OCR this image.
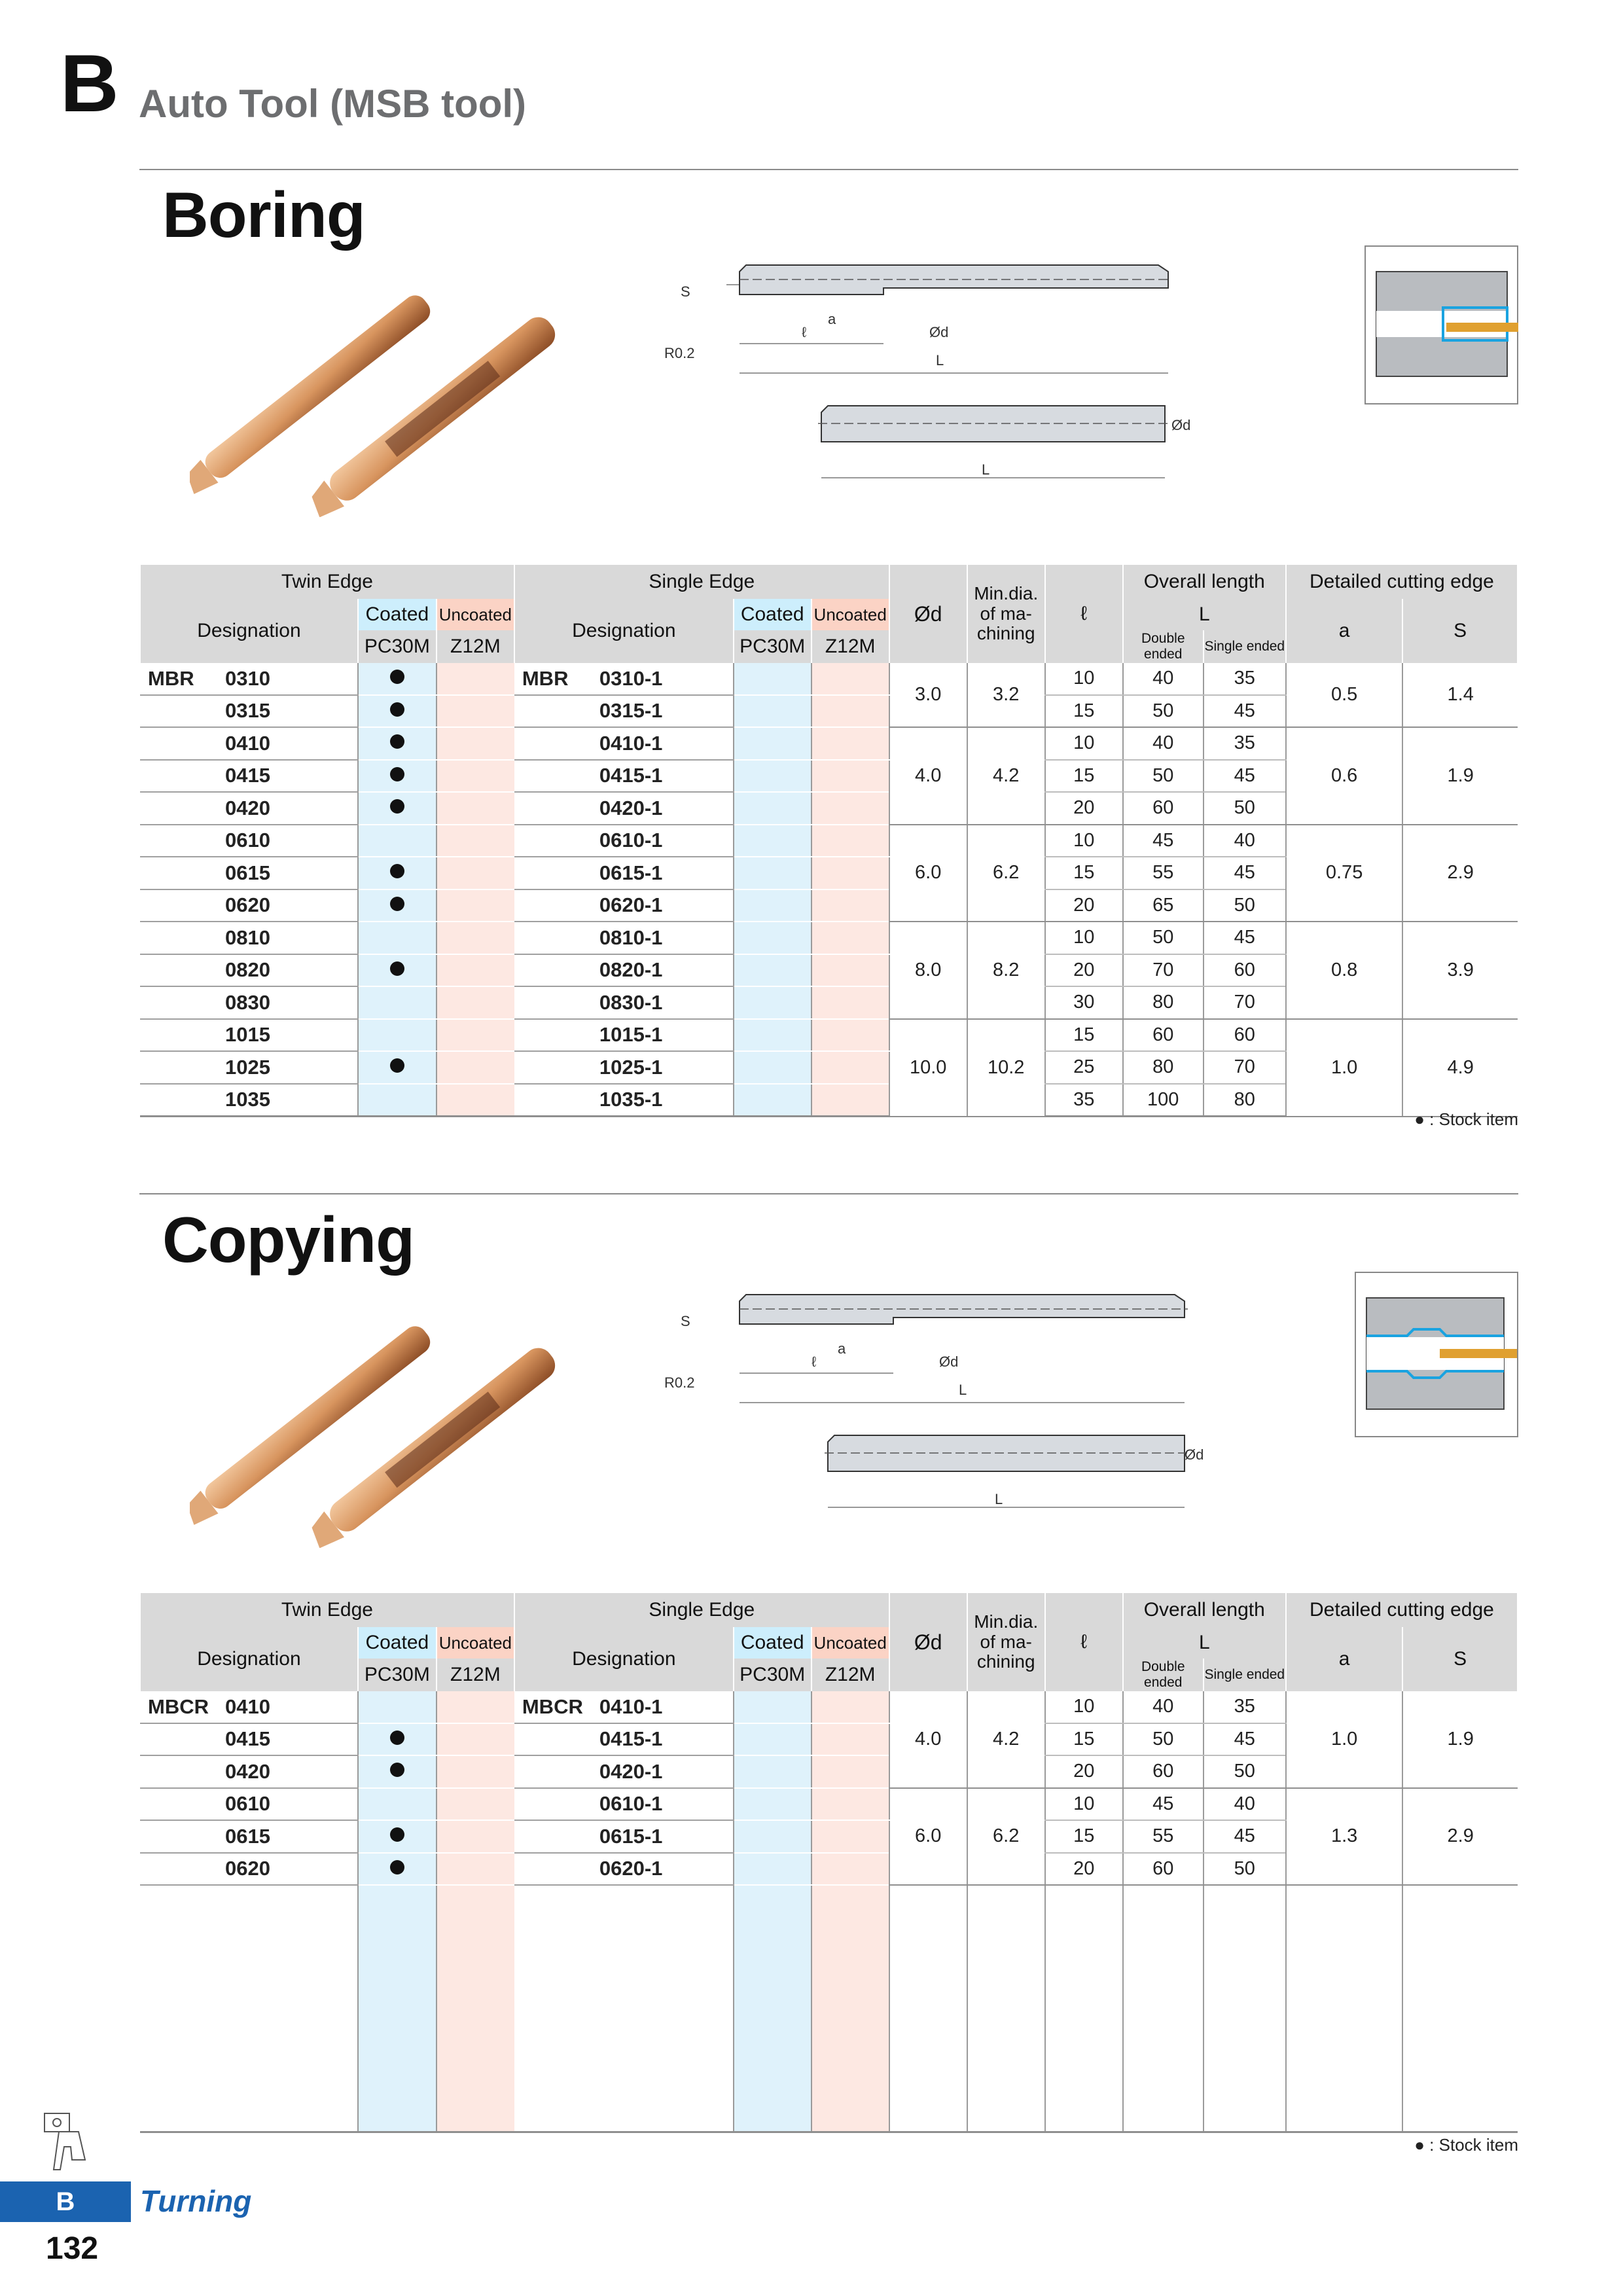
B Auto Tool (MSB tool)
Boring
S
a
ℓ	Ød
L
R0.2
Ød
L
Twin Edge			Single Edge			Ød	Min.dia. of ma- chining	ℓ	Overall length		Detailed cutting edge	
Designation	Coated	Uncoated	Designation	Coated	Uncoated				L		a	S
	PC30M	Z12M		PC30M	Z12M				Double ended	Single ended		
MBR 0310			MBR 0310-1			3.0	3.2	10	40	35	0.5	1.4
0315			0315-1					15	50	45		
0410			0410-1			4.0	4.2	10	40	35	0.6	1.9
0415			0415-1					15	50	45		
0420			0420-1					20	60	50		
0610			0610-1			6.0	6.2	10	45	40	0.75	2.9
0615			0615-1					15	55	45		
0620			0620-1					20	65	50		
0810			0810-1			8.0	8.2	10	50	45	0.8	3.9
0820			0820-1					20	70	60		
0830			0830-1					30	80	70		
1015			1015-1			10.0	10.2	15	60	60	1.0	4.9
1025			1025-1					25	80	70		
1035			1035-1					35	100	80		
● : Stock item
Copying
S
a
ℓ	Ød
L
R0.2
Ød
L
Twin Edge			Single Edge			Ød	Min.dia. of ma- chining	ℓ	Overall length		Detailed cutting edge	
Designation	Coated	Uncoated	Designation	Coated	Uncoated				L		a	S
	PC30M	Z12M		PC30M	Z12M				Double ended	Single ended		
MBCR 0410			MBCR 0410-1			4.0	4.2	10	40	35	1.0	1.9
0415			0415-1					15	50	45		
0420			0420-1					20	60	50		
0610			0610-1			6.0	6.2	10	45	40	1.3	2.9
0615			0615-1					15	55	45		
0620			0620-1					20	60	50		

● : Stock item
B	Turning
132
